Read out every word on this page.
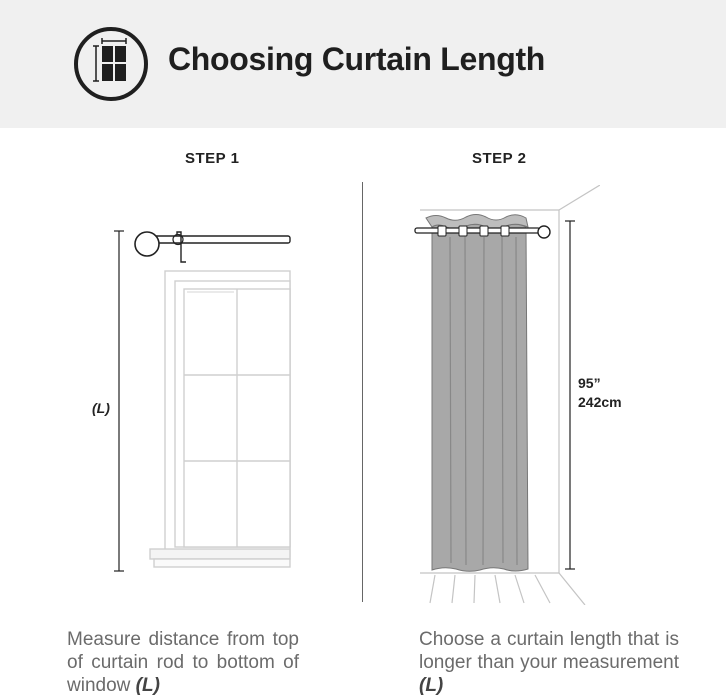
Choosing Curtain Length
STEP 1	STEP 2
(L)
95”
242cm
Measure distance from top of curtain rod to bottom of window (L)
Choose a curtain length that is longer than your measurement (L)
